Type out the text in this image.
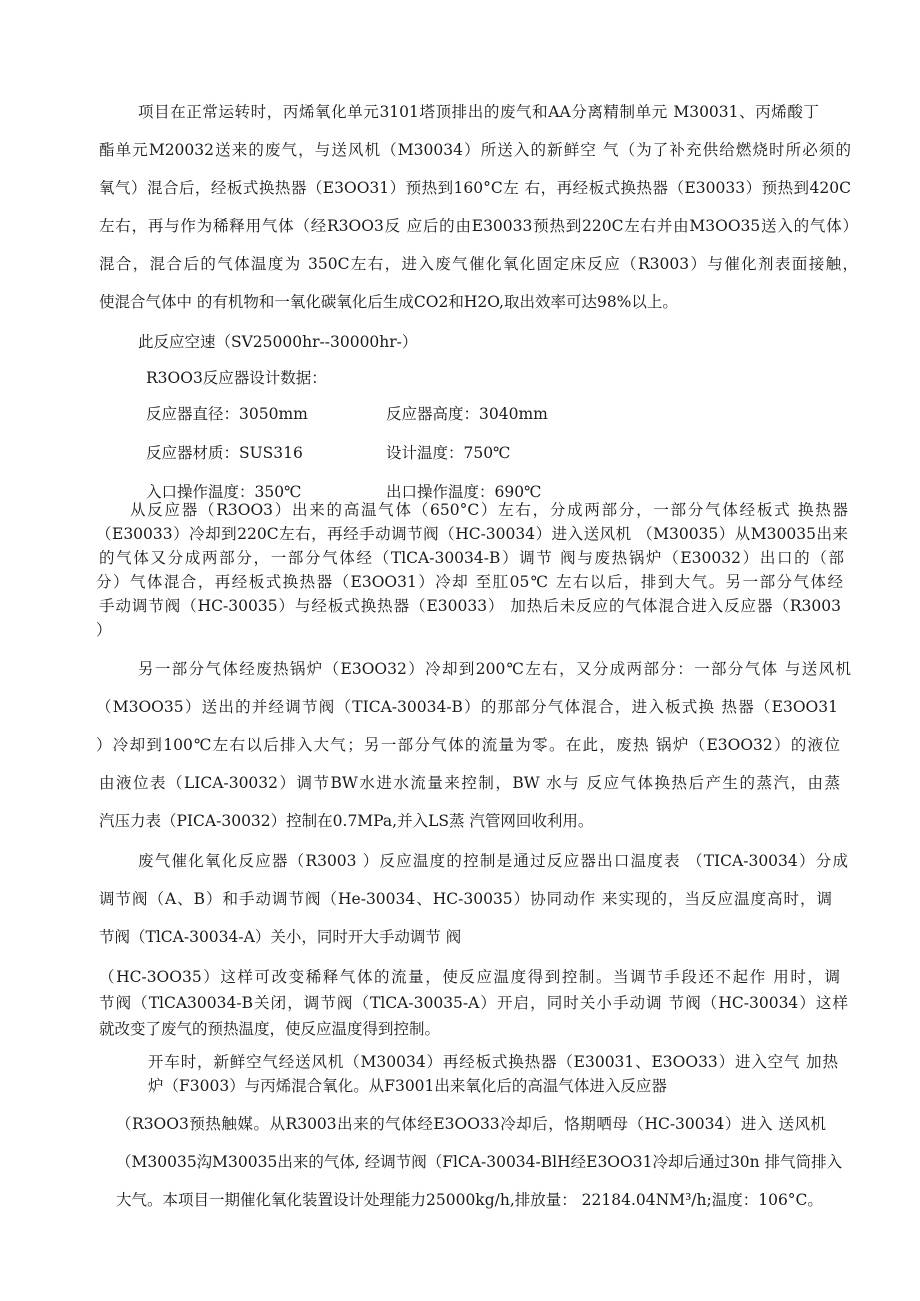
项目在正常运转时，丙烯氧化单元3101塔顶排出的废气和AA分离精制单元 M30031、丙烯酸丁
酯单元M20032送来的废气，与送风机（M30034）所送入的新鲜空 气（为了补充供给燃烧时所必须的
氧气）混合后，经板式换热器（E3OO31）预热到160°C左 右，再经板式换热器（E30033）预热到420C
左右，再与作为稀释用气体（经R3OO3反 应后的由E30033预热到220C左右并由M3OO35送入的气体）
混合，混合后的气体温度为 350C左右，进入废气催化氧化固定床反应（R3003）与催化剂表面接触，
使混合气体中 的有机物和一氧化碳氧化后生成CO2和H2O,取出效率可达98%以上。
此反应空速（SV25000hr--30000hr-）
R3OO3反应器设计数据：
反应器直径：3050mm	反应器高度：3040mm
反应器材质：SUS316	设计温度：750℃
入口操作温度：350℃	出口操作温度：690℃
从反应器（R3OO3）出来的高温气体（650°C）左右，分成两部分，一部分气体经板式 换热器
（E30033）冷却到220C左右，再经手动调节阀（HC-30034）进入送风机 （M30035）从M30035出来
的气体又分成两部分，一部分气体经（TlCA-30034-B）调节 阀与废热锅炉（E30032）出口的（部
分）气体混合，再经板式换热器（E3OO31）冷却 至肛05℃ 左右以后，排到大气。另一部分气体经
手动调节阀（HC-30035）与经板式换热器（E30033） 加热后未反应的气体混合进入反应器（R3003
）
另一部分气体经废热锅炉（E3OO32）冷却到200℃左右，又分成两部分：一部分气体 与送风机
（M3OO35）送出的并经调节阀（TICA-30034-B）的那部分气体混合，进入板式换 热器（E3OO31
）冷却到100℃左右以后排入大气；另一部分气体的流量为零。在此，废热 锅炉（E3OO32）的液位
由液位表（LICA-30032）调节BW水进水流量来控制，BW 水与 反应气体换热后产生的蒸汽，由蒸
汽压力表（PICA-30032）控制在0.7MPa,并入LS蒸 汽管网回收利用。
废气催化氧化反应器（R3003 ）反应温度的控制是通过反应器出口温度表 （TICA-30034）分成
调节阀（A、B）和手动调节阀（He-30034、HC-30035）协同动作 来实现的，当反应温度高时，调
节阀（TlCA-30034-A）关小，同时开大手动调节 阀
（HC-3OO35）这样可改变稀释气体的流量，使反应温度得到控制。当调节手段还不起作 用时，调
节阀（TlCA30034-B关闭，调节阀（TlCA-30035-A）开启，同时关小手动调 节阀（HC-30034）这样
就改变了废气的预热温度，使反应温度得到控制。
开车时，新鲜空气经送风机（M30034）再经板式换热器（E30031、E3OO33）进入空气 加热
炉（F3003）与丙烯混合氧化。从F3001出来氧化后的高温气体进入反应器
（R3OO3预热触媒。从R3003出来的气体经E3OO33冷却后，恪期哂母（HC-30034）进入 送风机
（M30035沟M30035出来的气体, 经调节阀（FlCA-30034-BlH经E3OO31冷却后通过30n 排气筒排入
大气。本项目一期催化氧化装置设计处理能力25000kg/h,排放量： 22184.04NM³/h;温度：106°C。
